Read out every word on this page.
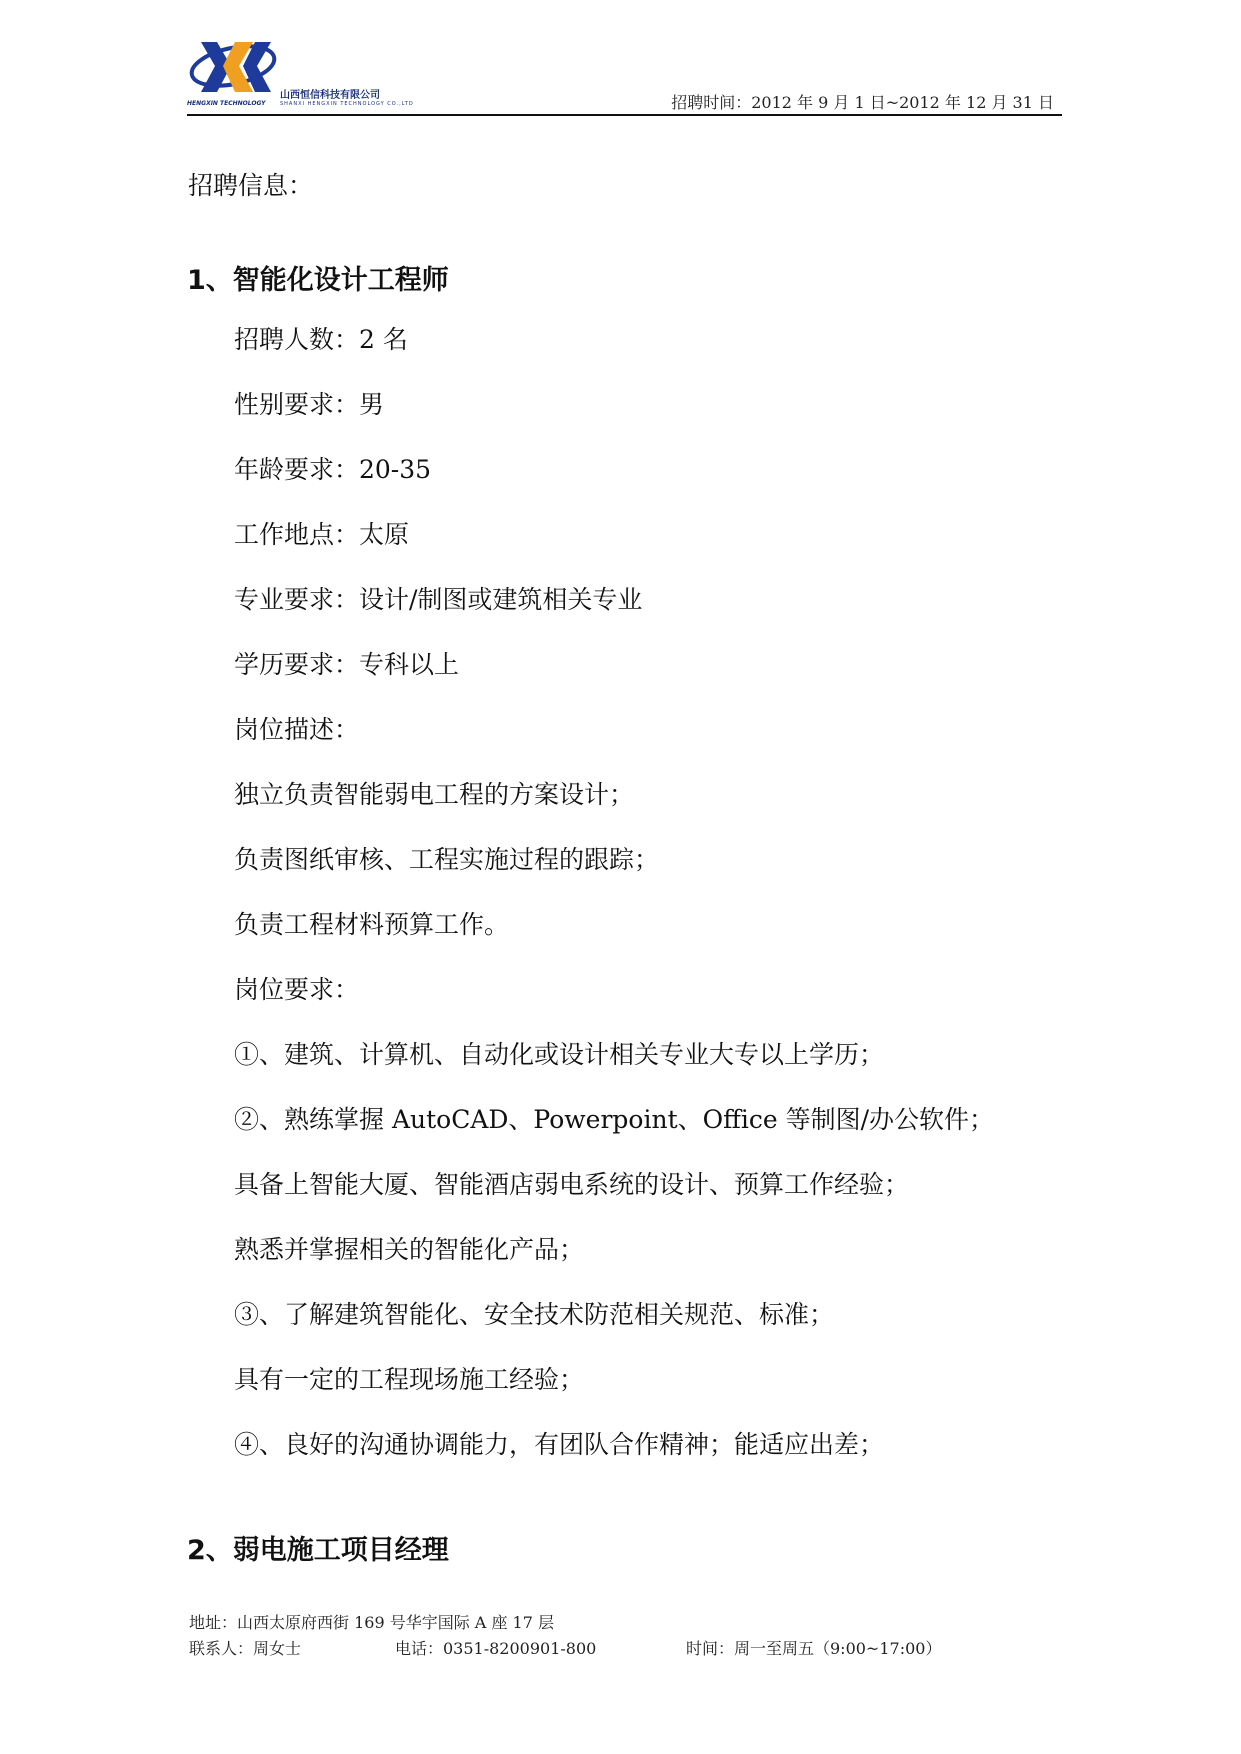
山西恒信科技有限公司
HENGXIN TECHNOLOGY	SHANXI HENGXIN TECHNOLOGY CO.,LTD	招聘时间：2012 年 9 月 1 日~2012 年 12 月 31 日
招聘信息：
1、智能化设计工程师
招聘人数：2 名
性别要求：男
年龄要求：20-35
工作地点：太原
专业要求：设计/制图或建筑相关专业
学历要求：专科以上
岗位描述：
独立负责智能弱电工程的方案设计；
负责图纸审核、工程实施过程的跟踪；
负责工程材料预算工作。
岗位要求：
①、建筑、计算机、自动化或设计相关专业大专以上学历；
②、熟练掌握 AutoCAD、Powerpoint、Office 等制图/办公软件；
具备上智能大厦、智能酒店弱电系统的设计、预算工作经验；
熟悉并掌握相关的智能化产品；
③、了解建筑智能化、安全技术防范相关规范、标准；
具有一定的工程现场施工经验；
④、良好的沟通协调能力，有团队合作精神；能适应出差；
2、弱电施工项目经理
地址：山西太原府西街 169 号华宇国际 A 座 17 层
联系人：周女士	电话：0351-8200901-800	时间：周一至周五（9:00~17:00）
